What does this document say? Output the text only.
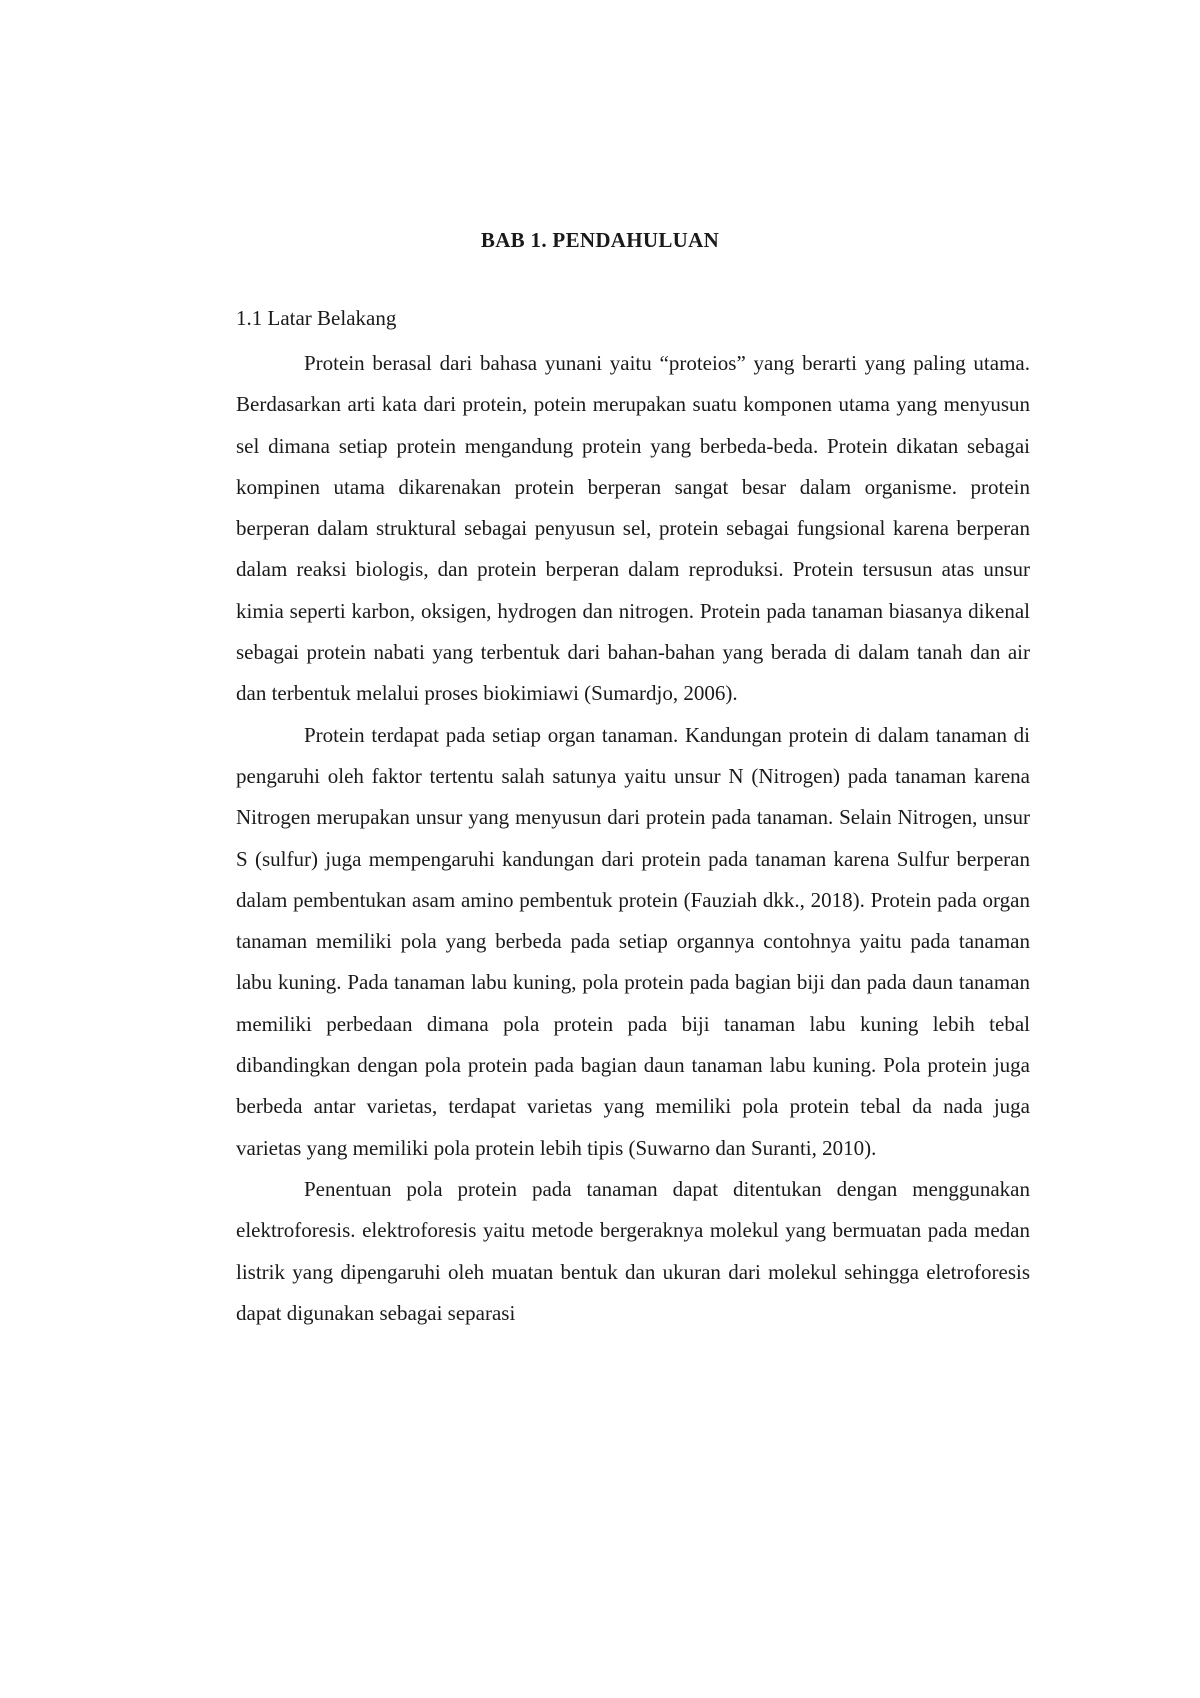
BAB 1. PENDAHULUAN
1.1 Latar Belakang

Protein berasal dari bahasa yunani yaitu “proteios” yang berarti yang paling utama. Berdasarkan arti kata dari protein, potein merupakan suatu komponen utama yang menyusun sel dimana setiap protein mengandung protein yang berbeda-beda. Protein dikatan sebagai kompinen utama dikarenakan protein berperan sangat besar dalam organisme. protein berperan dalam struktural sebagai penyusun sel, protein sebagai fungsional karena berperan dalam reaksi biologis, dan protein berperan dalam reproduksi. Protein tersusun atas unsur kimia seperti karbon, oksigen, hydrogen dan nitrogen. Protein pada tanaman biasanya dikenal sebagai protein nabati yang terbentuk dari bahan-bahan yang berada di dalam tanah dan air dan terbentuk melalui proses biokimiawi (Sumardjo, 2006).

Protein terdapat pada setiap organ tanaman. Kandungan protein di dalam tanaman di pengaruhi oleh faktor tertentu salah satunya yaitu unsur N (Nitrogen) pada tanaman karena Nitrogen merupakan unsur yang menyusun dari protein pada tanaman. Selain Nitrogen, unsur S (sulfur) juga mempengaruhi kandungan dari protein pada tanaman karena Sulfur berperan dalam pembentukan asam amino pembentuk protein (Fauziah dkk., 2018). Protein pada organ tanaman memiliki pola yang berbeda pada setiap organnya contohnya yaitu pada tanaman labu kuning. Pada tanaman labu kuning, pola protein pada bagian biji dan pada daun tanaman memiliki perbedaan dimana pola protein pada biji tanaman labu kuning lebih tebal dibandingkan dengan pola protein pada bagian daun tanaman labu kuning. Pola protein juga berbeda antar varietas, terdapat varietas yang memiliki pola protein tebal da nada juga varietas yang memiliki pola protein lebih tipis (Suwarno dan Suranti, 2010).

Penentuan pola protein pada tanaman dapat ditentukan dengan menggunakan elektroforesis. elektroforesis yaitu metode bergeraknya molekul yang bermuatan pada medan listrik yang dipengaruhi oleh muatan bentuk dan ukuran dari molekul sehingga eletroforesis dapat digunakan sebagai separasi
